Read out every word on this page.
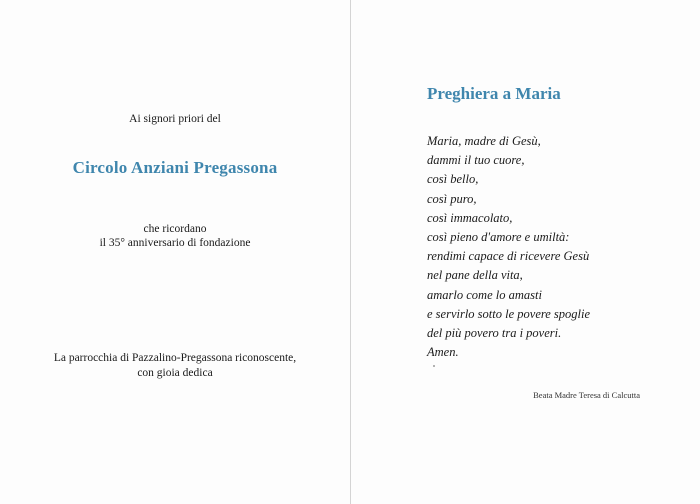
Ai signori priori del
Circolo Anziani Pregassona
che ricordano
il 35° anniversario di fondazione
La parrocchia di Pazzalino-Pregassona riconoscente,
con gioia dedica
Preghiera a Maria
Maria, madre di Gesù,
dammi il tuo cuore,
così bello,
così puro,
così immacolato,
così pieno d'amore e umiltà:
rendimi capace di ricevere Gesù
nel pane della vita,
amarlo come lo amasti
e servirlo sotto le povere spoglie
del più povero tra i poveri.
Amen.
Beata Madre Teresa di Calcutta
